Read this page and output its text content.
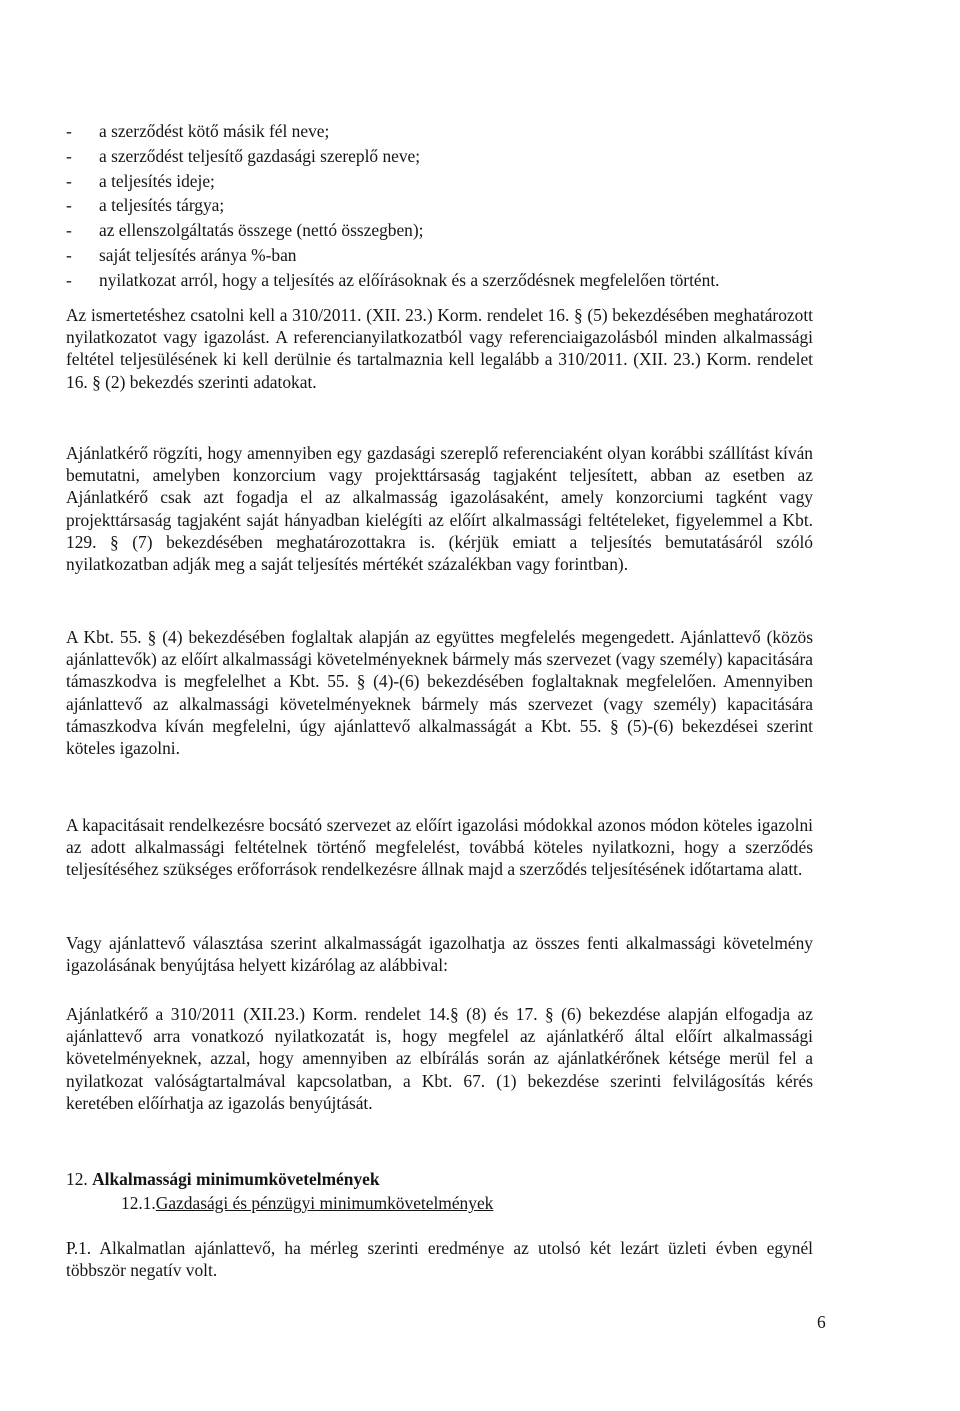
- a szerződést kötő másik fél neve;
- a szerződést teljesítő gazdasági szereplő neve;
- a teljesítés ideje;
- a teljesítés tárgya;
- az ellenszolgáltatás összege (nettó összegben);
- saját teljesítés aránya %-ban
- nyilatkozat arról, hogy a teljesítés az előírásoknak és a szerződésnek megfelelően történt.

Az ismertetéshez csatolni kell a 310/2011. (XII. 23.) Korm. rendelet 16. § (5) bekezdésében meghatározott nyilatkozatot vagy igazolást. A referencianyilatkozatból vagy referenciaigazolásból minden alkalmassági feltétel teljesülésének ki kell derülnie és tartalmaznia kell legalább a 310/2011. (XII. 23.) Korm. rendelet 16. § (2) bekezdés szerinti adatokat.

Ajánlatkérő rögzíti, hogy amennyiben egy gazdasági szereplő referenciaként olyan korábbi szállítást kíván bemutatni, amelyben konzorcium vagy projekttársaság tagjaként teljesített, abban az esetben az Ajánlatkérő csak azt fogadja el az alkalmasság igazolásaként, amely konzorciumi tagként vagy projekttársaság tagjaként saját hányadban kielégíti az előírt alkalmassági feltételeket, figyelemmel a Kbt. 129. § (7) bekezdésében meghatározottakra is. (kérjük emiatt a teljesítés bemutatásáról szóló nyilatkozatban adják meg a saját teljesítés mértékét százalékban vagy forintban).

A Kbt. 55. § (4) bekezdésében foglaltak alapján az együttes megfelelés megengedett. Ajánlattevő (közös ajánlattevők) az előírt alkalmassági követelményeknek bármely más szervezet (vagy személy) kapacitására támaszkodva is megfelelhet a Kbt. 55. § (4)-(6) bekezdésében foglaltaknak megfelelően. Amennyiben ajánlattevő az alkalmassági követelményeknek bármely más szervezet (vagy személy) kapacitására támaszkodva kíván megfelelni, úgy ajánlattevő alkalmasságát a Kbt. 55. § (5)-(6) bekezdései szerint köteles igazolni.

A kapacitásait rendelkezésre bocsátó szervezet az előírt igazolási módokkal azonos módon köteles igazolni az adott alkalmassági feltételnek történő megfelelést, továbbá köteles nyilatkozni, hogy a szerződés teljesítéséhez szükséges erőforrások rendelkezésre állnak majd a szerződés teljesítésének időtartama alatt.

Vagy ajánlattevő választása szerint alkalmasságát igazolhatja az összes fenti alkalmassági követelmény igazolásának benyújtása helyett kizárólag az alábbival:

Ajánlatkérő a 310/2011 (XII.23.) Korm. rendelet 14.§ (8) és 17. § (6) bekezdése alapján elfogadja az ajánlattevő arra vonatkozó nyilatkozatát is, hogy megfelel az ajánlatkérő által előírt alkalmassági követelményeknek, azzal, hogy amennyiben az elbírálás során az ajánlatkérőnek kétsége merül fel a nyilatkozat valóságtartalmával kapcsolatban, a Kbt. 67. (1) bekezdése szerinti felvilágosítás kérés keretében előírhatja az igazolás benyújtását.

12. Alkalmassági minimumkövetelmények
12.1.Gazdasági és pénzügyi minimumkövetelmények

P.1. Alkalmatlan ajánlattevő, ha mérleg szerinti eredménye az utolsó két lezárt üzleti évben egynél többször negatív volt.

6
